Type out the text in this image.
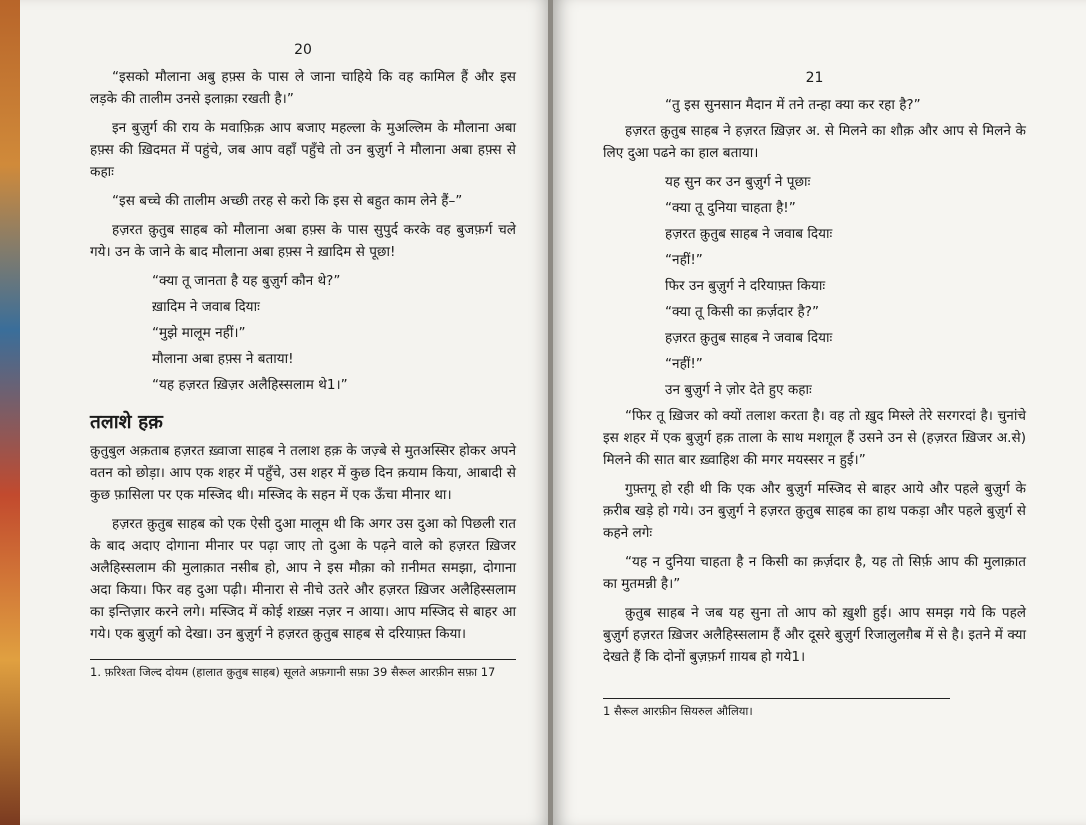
20

“इसको मौलाना अबु हफ़्स के पास ले जाना चाहिये कि वह कामिल हैं और इस लड़के की तालीम उनसे इलाक़ा रखती है।”

इन बुज़ुर्ग की राय के मवाफ़िक़ आप बजाए महल्ला के मुअल्लिम के मौलाना अबा हफ़्स की ख़िदमत में पहुंचे, जब आप वहाँ पहुँचे तो उन बुज़ुर्ग ने मौलाना अबा हफ़्स से कहाः

“इस बच्चे की तालीम अच्छी तरह से करो कि इस से बहुत काम लेने हैं–”

हज़रत क़ुतुब साहब को मौलाना अबा हफ़्स के पास सुपुर्द करके वह बुजफ़र्ग चले गये। उन के जाने के बाद मौलाना अबा हफ़्स ने ख़ादिम से पूछा!

“क्या तू जानता है यह बुज़ुर्ग कौन थे?”

ख़ादिम ने जवाब दियाः

“मुझे मालूम नहीं।”

मौलाना अबा हफ़्स ने बताया!

“यह हज़रत ख़िज़र अलैहिस्सलाम थे1।”

तलाशे हक़

क़ुतुबुल अक़ताब हज़रत ख़्वाजा साहब ने तलाश हक़ के जज़्बे से मुतअस्सिर होकर अपने वतन को छोड़ा। आप एक शहर में पहुँचे, उस शहर में कुछ दिन क़याम किया, आबादी से कुछ फ़ासिला पर एक मस्जिद थी। मस्जिद के सहन में एक ऊँचा मीनार था।

हज़रत क़ुतुब साहब को एक ऐसी दुआ मालूम थी कि अगर उस दुआ को पिछली रात के बाद अदाए दोगाना मीनार पर पढ़ा जाए तो दुआ के पढ़ने वाले को हज़रत ख़िजर अलैहिस्सलाम की मुलाक़ात नसीब हो, आप ने इस मौक़ा को ग़नीमत समझा, दोगाना अदा किया। फिर वह दुआ पढ़ी। मीनारा से नीचे उतरे और हज़रत ख़िजर अलैहिस्सलाम का इन्तिज़ार करने लगे। मस्जिद में कोई शख़्स नज़र न आया। आप मस्जिद से बाहर आ गये। एक बुज़ुर्ग को देखा। उन बुज़ुर्ग ने हज़रत क़ुतुब साहब से दरियाफ़्त किया।

1. फ़रिश्ता जिल्द दोयम (हालात क़ुतुब साहब) सूलते अफ़गानी सफ़ा 39 सैरूल आरफ़ीन सफ़ा 17
21

“तु इस सुनसान मैदान में तने तन्हा क्या कर रहा है?”

हज़रत क़ुतुब साहब ने हज़रत ख़िज़र अ. से मिलने का शौक़ और आप से मिलने के लिए दुआ पढने का हाल बताया।

यह सुन कर उन बुज़ुर्ग ने पूछाः

“क्या तू दुनिया चाहता है!”

हज़रत क़ुतुब साहब ने जवाब दियाः

“नहीं!”

फिर उन बुज़ुर्ग ने दरियाफ़्त कियाः

“क्या तू किसी का क़र्ज़दार है?”

हज़रत क़ुतुब साहब ने जवाब दियाः

“नहीं!”

उन बुज़ुर्ग ने ज़ोर देते हुए कहाः

“फिर तू ख़िजर को क्यों तलाश करता है। वह तो ख़ुद मिस्ले तेरे सरगरदां है। चुनांचे इस शहर में एक बुज़ुर्ग हक़ ताला के साथ मशग़ूल हैं उसने उन से (हज़रत ख़िजर अ.से) मिलने की सात बार ख़्वाहिश की मगर मयस्सर न हुई।”

गुफ़्तगू हो रही थी कि एक और बुज़ुर्ग मस्जिद से बाहर आये और पहले बुज़ुर्ग के क़रीब खड़े हो गये। उन बुज़ुर्ग ने हज़रत क़ुतुब साहब का हाथ पकड़ा और पहले बुज़ुर्ग से कहने लगेः

“यह न दुनिया चाहता है न किसी का क़र्ज़दार है, यह तो सिर्फ़ आप की मुलाक़ात का मुतमन्नी है।”

क़ुतुब साहब ने जब यह सुना तो आप को ख़ुशी हुई। आप समझ गये कि पहले बुज़ुर्ग हज़रत ख़िजर अलैहिस्सलाम हैं और दूसरे बुज़ुर्ग रिजालुलग़ैब में से है। इतने में क्या देखते हैं कि दोनों बुज़फ़र्ग ग़ायब हो गये1।

1 सैरूल आरफ़ीन सियरुल औलिया।
